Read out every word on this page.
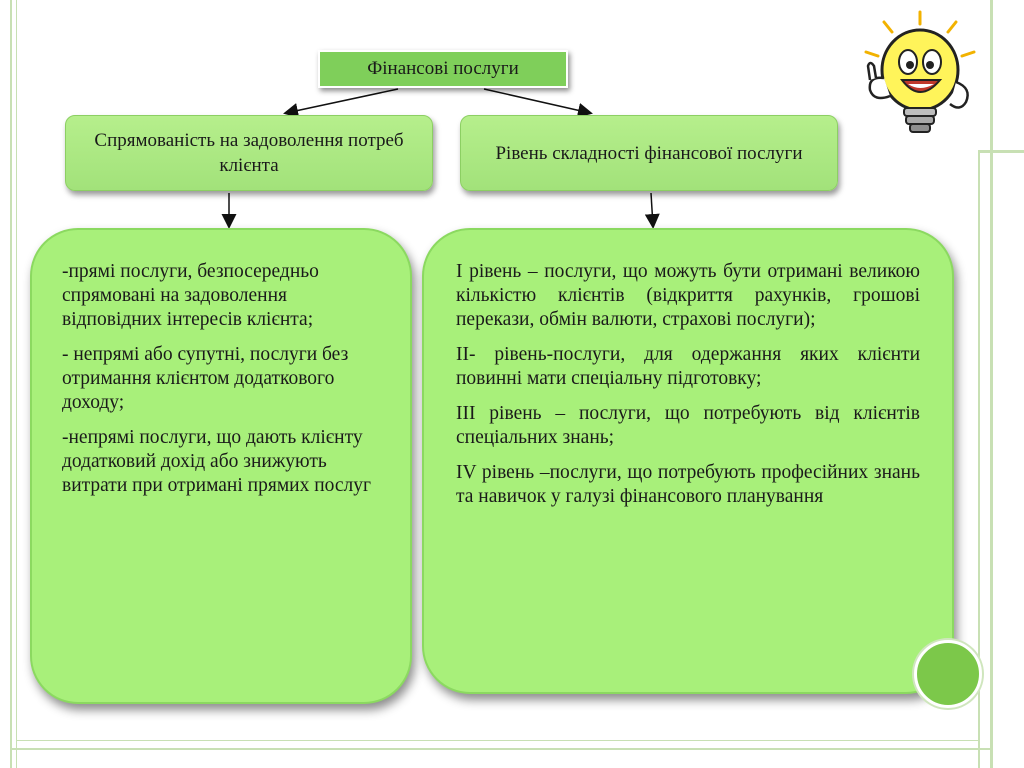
Фінансові послуги
Спрямованість на задоволення потреб клієнта
Рівень складності фінансової послуги

-прямі послуги, безпосередньо спрямовані на задоволення відповідних інтересів клієнта;

- непрямі або супутні, послуги без отримання клієнтом додаткового доходу;

-непрямі послуги, що дають клієнту додатковий дохід або знижують витрати при отримані прямих послуг

І рівень – послуги, що можуть бути отримані великою кількістю клієнтів (відкриття рахунків, грошові перекази, обмін валюти, страхові послуги);

ІІ- рівень-послуги, для одержання яких клієнти повинні мати спеціальну підготовку;

ІІІ рівень – послуги, що потребують від клієнтів спеціальних знань;

ІV рівень –послуги, що потребують професійних знань та навичок у галузі фінансового планування
